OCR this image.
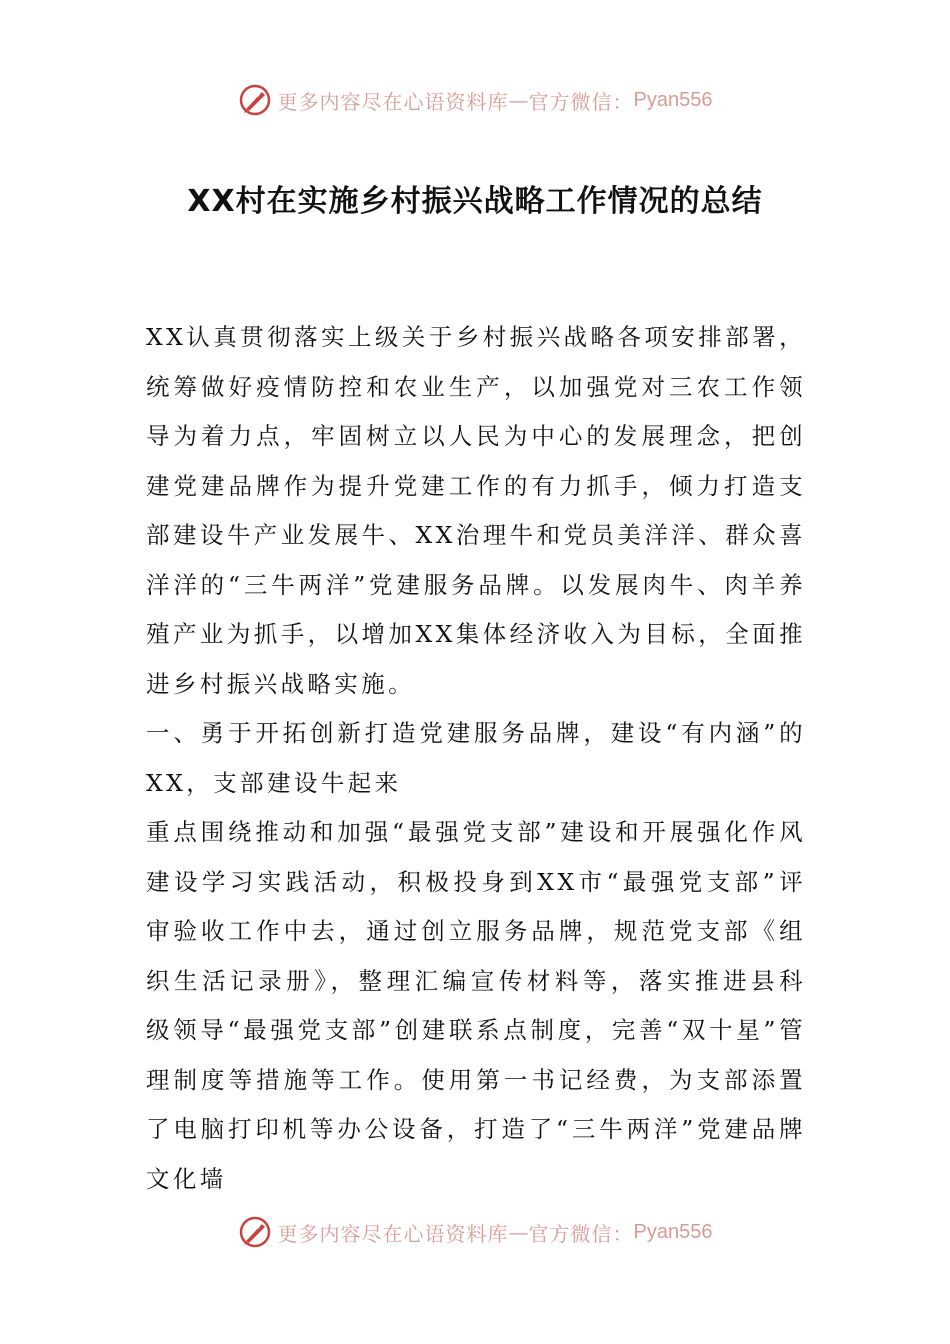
更多内容尽在心语资料库 — 官方微信： Pyan556
XX村在实施乡村振兴战略工作情况的总结

XX认真贯彻落实上级关于乡村振兴战略各项安排部署，统筹做好疫情防控和农业生产，以加强党对三农工作领导为着力点，牢固树立以人民为中心的发展理念，把创建党建品牌作为提升党建工作的有力抓手，倾力打造支部建设牛产业发展牛、XX治理牛和党员美洋洋、群众喜洋洋的“三牛两洋”党建服务品牌。以发展肉牛、肉羊养殖产业为抓手，以增加XX集体经济收入为目标，全面推进乡村振兴战略实施。

一、勇于开拓创新打造党建服务品牌，建设“有内涵”的XX，支部建设牛起来

重点围绕推动和加强“最强党支部”建设和开展强化作风建设学习实践活动，积极投身到XX市“最强党支部”评审验收工作中去，通过创立服务品牌，规范党支部《组织生活记录册》，整理汇编宣传材料等，落实推进县科级领导“最强党支部”创建联系点制度，完善“双十星”管理制度等措施等工作。使用第一书记经费，为支部添置了电脑打印机等办公设备，打造了“三牛两洋”党建品牌文化墙

更多内容尽在心语资料库 — 官方微信： Pyan556
